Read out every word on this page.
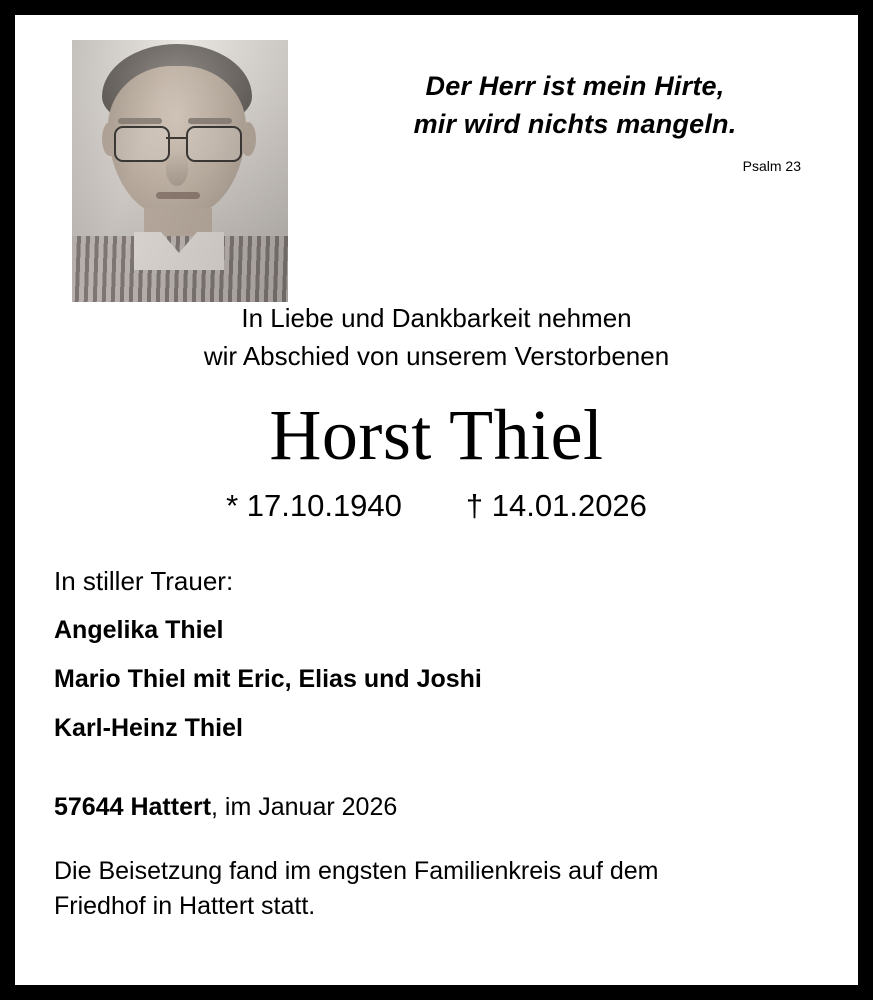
Der Herr ist mein Hirte,
mir wird nichts mangeln.
Psalm 23
In Liebe und Dankbarkeit nehmen
wir Abschied von unserem Verstorbenen
Horst Thiel
* 17.10.1940 † 14.01.2026
In stiller Trauer:
Angelika Thiel
Mario Thiel mit Eric, Elias und Joshi
Karl-Heinz Thiel
57644 Hattert, im Januar 2026
Die Beisetzung fand im engsten Familienkreis auf dem
Friedhof in Hattert statt.
